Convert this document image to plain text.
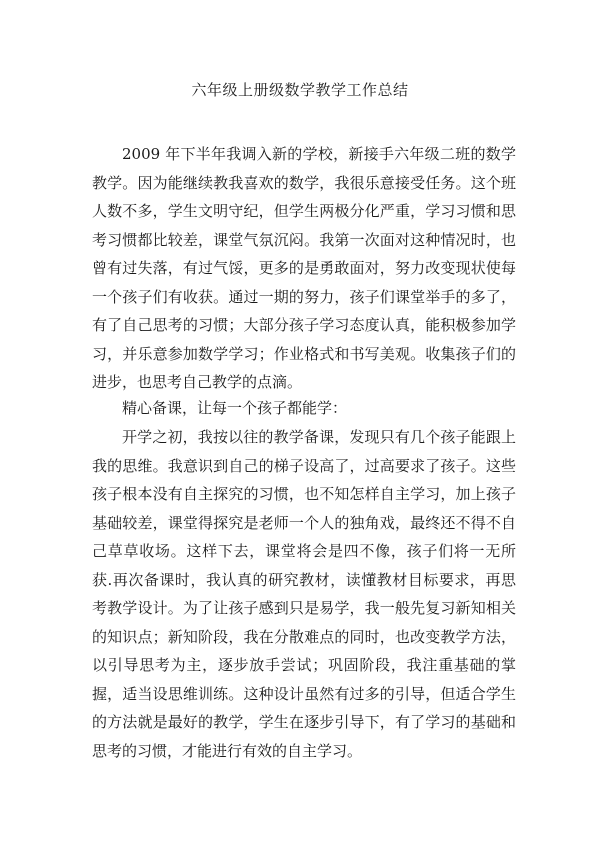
六年级上册级数学教学工作总结

2009 年下半年我调入新的学校，新接手六年级二班的数学教学。因为能继续教我喜欢的数学，我很乐意接受任务。这个班人数不多，学生文明守纪，但学生两极分化严重，学习习惯和思考习惯都比较差，课堂气氛沉闷。我第一次面对这种情况时，也曾有过失落，有过气馁，更多的是勇敢面对，努力改变现状使每一个孩子们有收获。通过一期的努力，孩子们课堂举手的多了，有了自己思考的习惯；大部分孩子学习态度认真，能积极参加学习，并乐意参加数学学习；作业格式和书写美观。收集孩子们的进步，也思考自己教学的点滴。

精心备课，让每一个孩子都能学：

开学之初，我按以往的教学备课，发现只有几个孩子能跟上我的思维。我意识到自己的梯子设高了，过高要求了孩子。这些孩子根本没有自主探究的习惯，也不知怎样自主学习，加上孩子基础较差，课堂得探究是老师一个人的独角戏，最终还不得不自己草草收场。这样下去，课堂将会是四不像，孩子们将一无所获.再次备课时，我认真的研究教材，读懂教材目标要求，再思考教学设计。为了让孩子感到只是易学，我一般先复习新知相关的知识点；新知阶段，我在分散难点的同时，也改变教学方法，以引导思考为主，逐步放手尝试；巩固阶段，我注重基础的掌握，适当设思维训练。这种设计虽然有过多的引导，但适合学生的方法就是最好的教学，学生在逐步引导下，有了学习的基础和思考的习惯，才能进行有效的自主学习。
